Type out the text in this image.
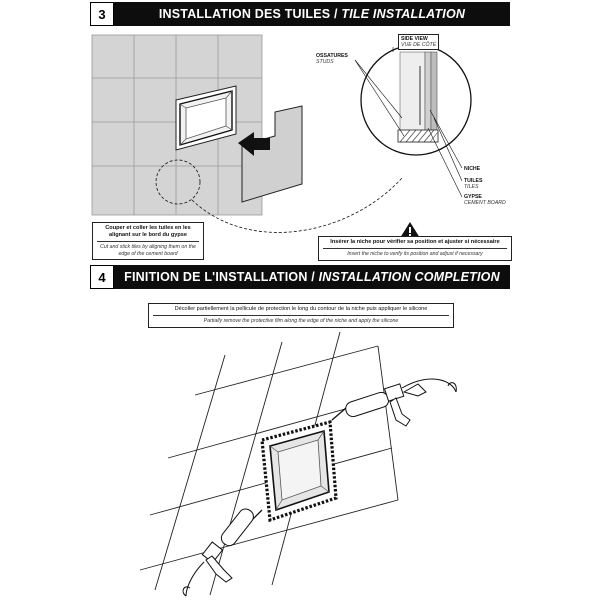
3	INSTALLATION DES TUILES / TILE INSTALLATION
OSSATURES
STUDS
SIDE VIEW
VUE DE CÔTÉ
NICHE
TUILES
TILES
GYPSE
CEMENT BOARD
Couper et coller les tuiles en les alignant sur le bord du gypse
Cut and stick tiles by aligning them on the edge of the cement board
Insérer la niche pour vérifier sa position et ajuster si nécessaire
Insert the niche to verify its position and adjust if necessary
4	FINITION DE L'INSTALLATION / INSTALLATION COMPLETION
Décoller partiellement la pellicule de protection le long du contour de la niche puis appliquer le silicone
Partially remove the protective film along the edge of the niche and apply the silicone
